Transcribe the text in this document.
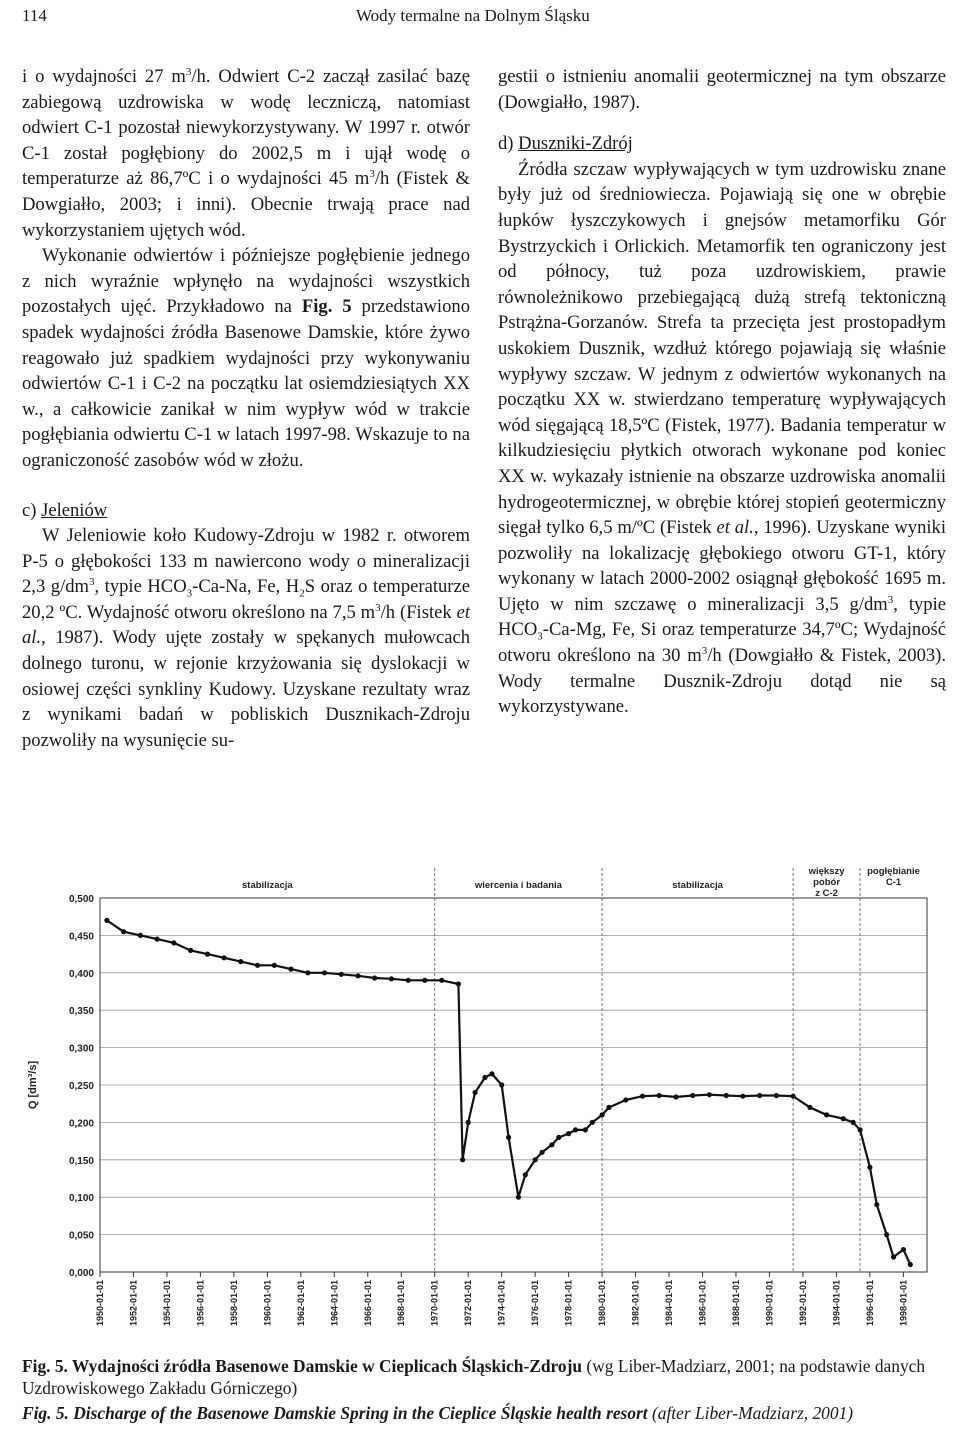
114	Wody termalne na Dolnym Śląsku

i o wydajności 27 $m^3/h$. Odwiert C-2 zaczął zasilać bazę zabiegową uzdrowiska w wodę leczniczą, natomiast odwiert C-1 pozostał niewykorzystywany. W 1997 r. otwór C-1 został pogłębiony do 2002,5 m i ujął wodę o temperaturze aż 86,7ºC i o wydajności 45 $m^3/h$ (Fistek & Dowgiałło, 2003; i inni). Obecnie trwają prace nad wykorzystaniem ujętych wód.

Wykonanie odwiertów i późniejsze pogłębienie jednego z nich wyraźnie wpłynęło na wydajności wszystkich pozostałych ujęć. Przykładowo na Fig. 5 przedstawiono spadek wydajności źródła Basenowe Damskie, które żywo reagowało już spadkiem wydajności przy wykonywaniu odwiertów C-1 i C-2 na początku lat osiemdziesiątych XX w., a całkowicie zanikał w nim wypływ wód w trakcie pogłębiania odwiertu C-1 w latach 1997-98. Wskazuje to na ograniczoność zasobów wód w złożu.

c) Jeleniów

W Jeleniowie koło Kudowy-Zdroju w 1982 r. otworem P-5 o głębokości 133 m nawiercono wody o mineralizacji 2,3 $g/dm^3$, typie $HCO_3-Ca-Na$, Fe, $H_2S$ oraz o temperaturze 20,2 ºC. Wydajność otworu określono na 7,5 $m^3/h$ (Fistek et al., 1987). Wody ujęte zostały w spękanych mułowcach dolnego turonu, w rejonie krzyżowania się dyslokacji w osiowej części synkliny Kudowy. Uzyskane rezultaty wraz z wynikami badań w pobliskich Dusznikach-Zdroju pozwoliły na wysunięcie su-

gestii o istnieniu anomalii geotermicznej na tym obszarze (Dowgiałło, 1987).

d) Duszniki-Zdrój

Źródła szczaw wypływających w tym uzdrowisku znane były już od średniowiecza. Pojawiają się one w obrębie łupków łyszczykowych i gnejsów metamorfiku Gór Bystrzyckich i Orlickich. Metamorfik ten ograniczony jest od północy, tuż poza uzdrowiskiem, prawie równoleżnikowo przebiegającą dużą strefą tektoniczną Pstrążna-Gorzanów. Strefa ta przecięta jest prostopadłym uskokiem Dusznik, wzdłuż którego pojawiają się właśnie wypływy szczaw. W jednym z odwiertów wykonanych na początku XX w. stwierdzano temperaturę wypływających wód sięgającą 18,5ºC (Fistek, 1977). Badania temperatur w kilkudziesięciu płytkich otworach wykonane pod koniec XX w. wykazały istnienie na obszarze uzdrowiska anomalii hydrogeotermicznej, w obrębie której stopień geotermiczny sięgał tylko 6,5 m/ºC (Fistek et al., 1996). Uzyskane wyniki pozwoliły na lokalizację głębokiego otworu GT-1, który wykonany w latach 2000-2002 osiągnął głębokość 1695 m. Ujęto w nim szczawę o mineralizacji 3,5 $g/dm^3$, typie $HCO_3-Ca-Mg$, Fe, Si oraz temperaturze 34,7ºC; Wydajność otworu określono na 30 $m^3/h$ (Dowgiałło & Fistek, 2003). Wody termalne Dusznik-Zdroju dotąd nie są wykorzystywane.

stabilizacja	wiercenia i badania	stabilizacja
większy pobór z C-2
pogłębianie C-1
0,000
0,050
0,100
0,150
0,200
0,250
0,300
0,350
0,400
0,450
0,500
1950-01-01	1952-01-01	1954-01-01	1956-01-01	1958-01-01	1960-01-01	1962-01-01	1964-01-01	1966-01-01	1968-01-01	1970-01-01	1972-01-01	1974-01-01	1976-01-01	1978-01-01	1980-01-01	1982-01-01	1984-01-01	1986-01-01	1988-01-01	1990-01-01	1992-01-01	1994-01-01	1996-01-01	1998-01-01
Q [dm³/s]
Fig. 5. Wydajności źródła Basenowe Damskie w Cieplicach Śląskich-Zdroju (wg Liber-Madziarz, 2001; na podstawie danych Uzdrowiskowego Zakładu Górniczego)
Fig. 5. Discharge of the Basenowe Damskie Spring in the Cieplice Śląskie health resort (after Liber-Madziarz, 2001)
